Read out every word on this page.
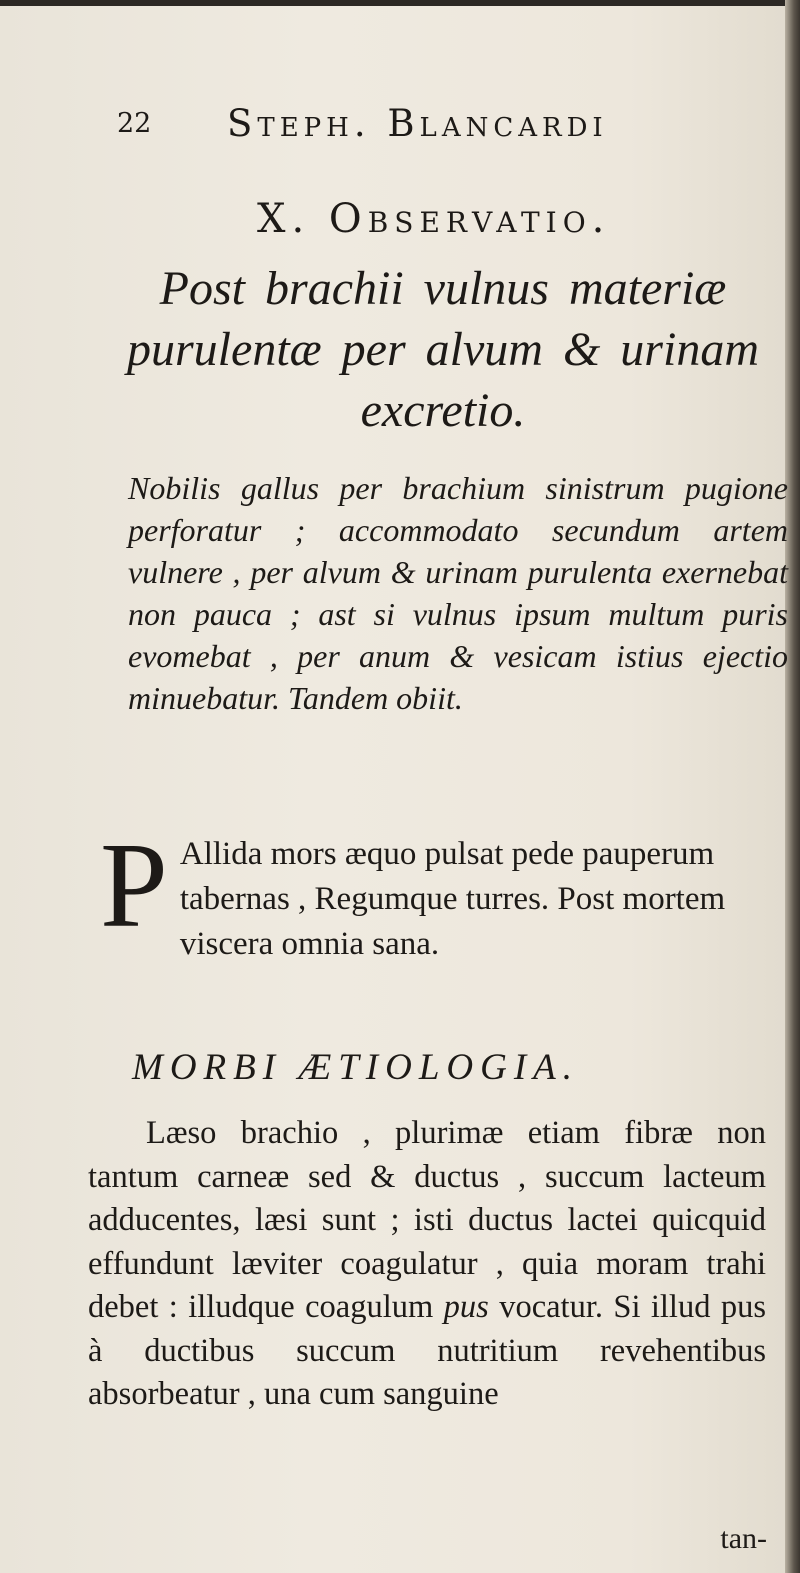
22 Steph. Blancardi
X. Observatio.
Post brachii vulnus materiæ purulentæ per alvum & urinam excretio.
Nobilis gallus per brachium sinistrum pugione perforatur ; accommodato secundum artem vulnere , per alvum & urinam purulenta exernebat non pauca ; ast si vulnus ipsum multum puris evomebat , per anum & vesicam istius ejectio minuebatur. Tandem obiit.
P Allida mors æquo pulsat pede pauperum tabernas , Regumque turres. Post mortem viscera omnia sana.
MORBI ÆTIOLOGIA.
Læso brachio , plurimæ etiam fibræ non tantum carneæ sed & ductus , succum lacteum adducentes, læsi sunt ; isti ductus lactei quicquid effundunt læviter coagulatur , quia moram trahi debet : illudque coagulum pus vocatur. Si illud pus à ductibus succum nutritium revehentibus absorbeatur , una cum sanguine
tan-
